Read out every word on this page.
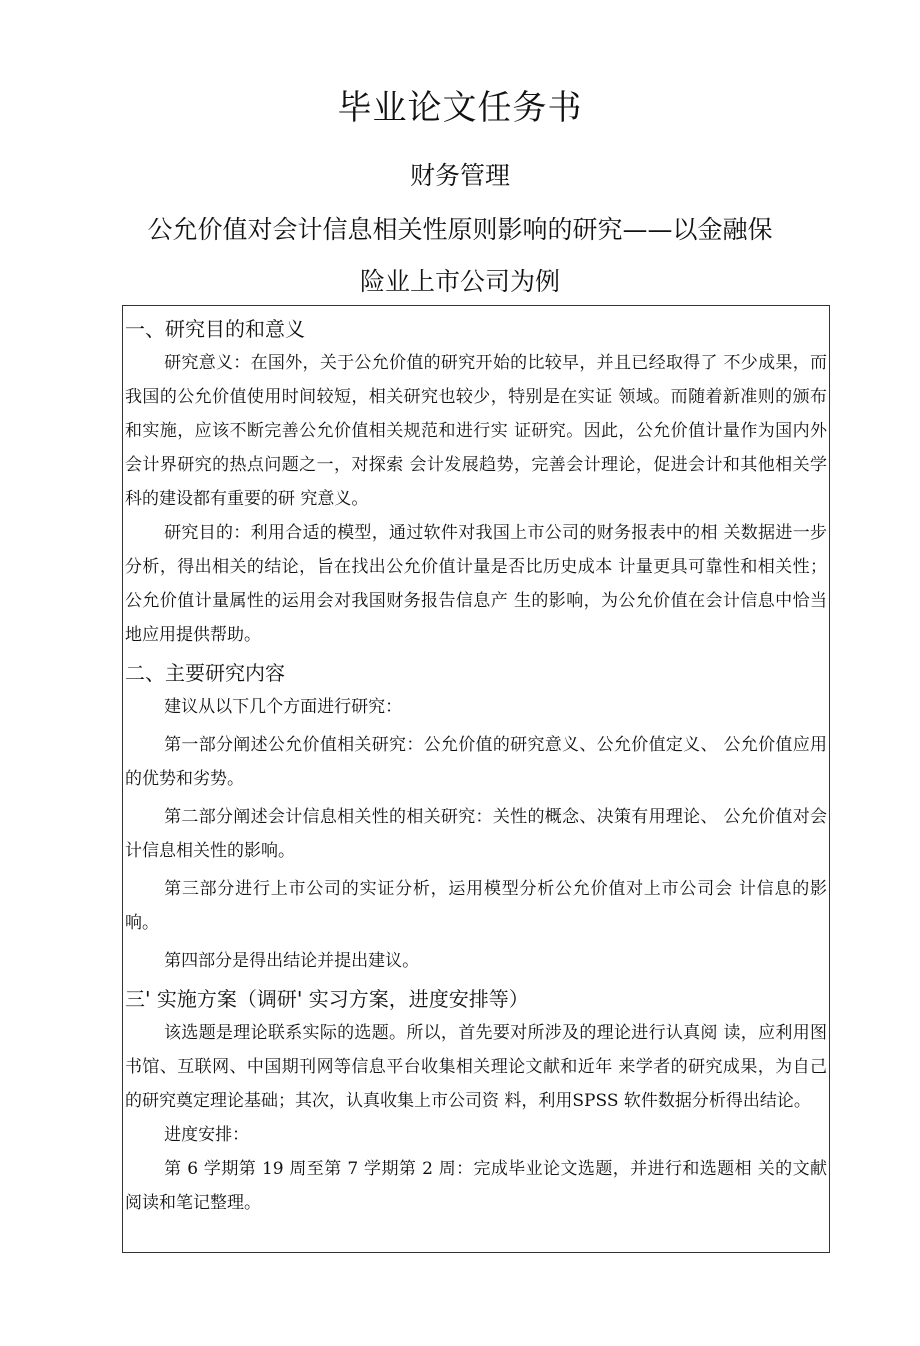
毕业论文任务书
财务管理
公允价值对会计信息相关性原则影响的研究——以金融保
险业上市公司为例

一、研究目的和意义

研究意义：在国外，关于公允价值的研究开始的比较早，并且已经取得了 不少成果，而我国的公允价值使用时间较短，相关研究也较少，特别是在实证 领域。而随着新准则的颁布和实施，应该不断完善公允价值相关规范和进行实 证研究。因此，公允价值计量作为国内外会计界研究的热点问题之一，对探索 会计发展趋势，完善会计理论，促进会计和其他相关学科的建设都有重要的研 究意义。

研究目的：利用合适的模型，通过软件对我国上市公司的财务报表中的相 关数据进一步分析，得出相关的结论，旨在找出公允价值计量是否比历史成本 计量更具可靠性和相关性；公允价值计量属性的运用会对我国财务报告信息产 生的影响，为公允价值在会计信息中恰当地应用提供帮助。

二、主要研究内容

建议从以下几个方面进行研究：

第一部分阐述公允价值相关研究：公允价值的研究意义、公允价值定义、 公允价值应用的优势和劣势。

第二部分阐述会计信息相关性的相关研究：关性的概念、决策有用理论、 公允价值对会计信息相关性的影响。

第三部分进行上市公司的实证分析，运用模型分析公允价值对上市公司会 计信息的影响。

第四部分是得出结论并提出建议。

三' 实施方案（调研' 实习方案，进度安排等）

该选题是理论联系实际的选题。所以，首先要对所涉及的理论进行认真阅 读，应利用图书馆、互联网、中国期刊网等信息平台收集相关理论文献和近年 来学者的研究成果，为自己的研究奠定理论基础；其次，认真收集上市公司资 料，利用SPSS 软件数据分析得出结论。

进度安排：

第 6 学期第 19 周至第 7 学期第 2 周：完成毕业论文选题，并进行和选题相 关的文献阅读和笔记整理。
